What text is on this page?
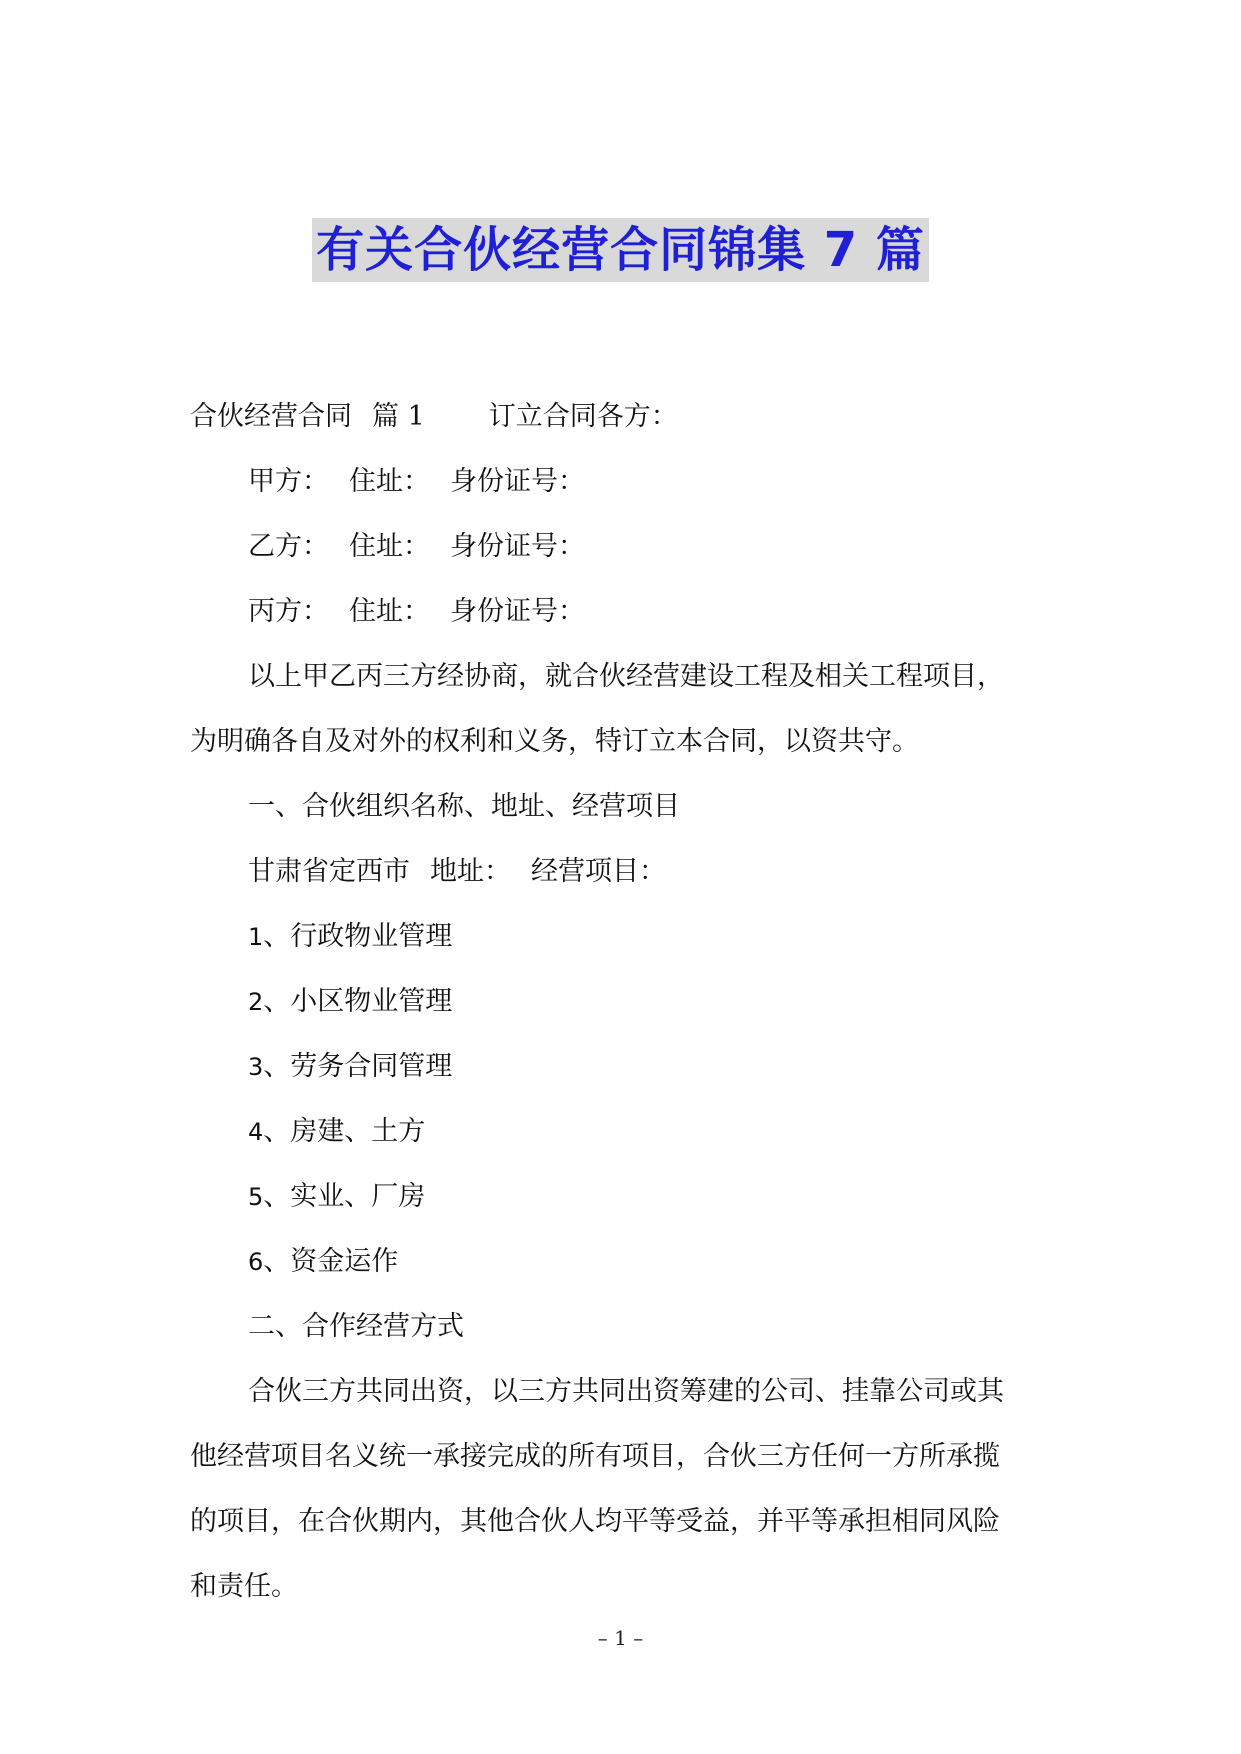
有关合伙经营合同锦集 7 篇
合伙经营合同 篇 1 订立合同各方：
甲方： 住址： 身份证号：
乙方： 住址： 身份证号：
丙方： 住址： 身份证号：
以上甲乙丙三方经协商，就合伙经营建设工程及相关工程项目，
为明确各自及对外的权利和义务，特订立本合同，以资共守。
一、合伙组织名称、地址、经营项目
甘肃省定西市 地址： 经营项目：
1、行政物业管理
2、小区物业管理
3、劳务合同管理
4、房建、土方
5、实业、厂房
6、资金运作
二、合作经营方式
合伙三方共同出资，以三方共同出资筹建的公司、挂靠公司或其
他经营项目名义统一承接完成的所有项目，合伙三方任何一方所承揽
的项目，在合伙期内，其他合伙人均平等受益，并平等承担相同风险
和责任。
– 1 –
